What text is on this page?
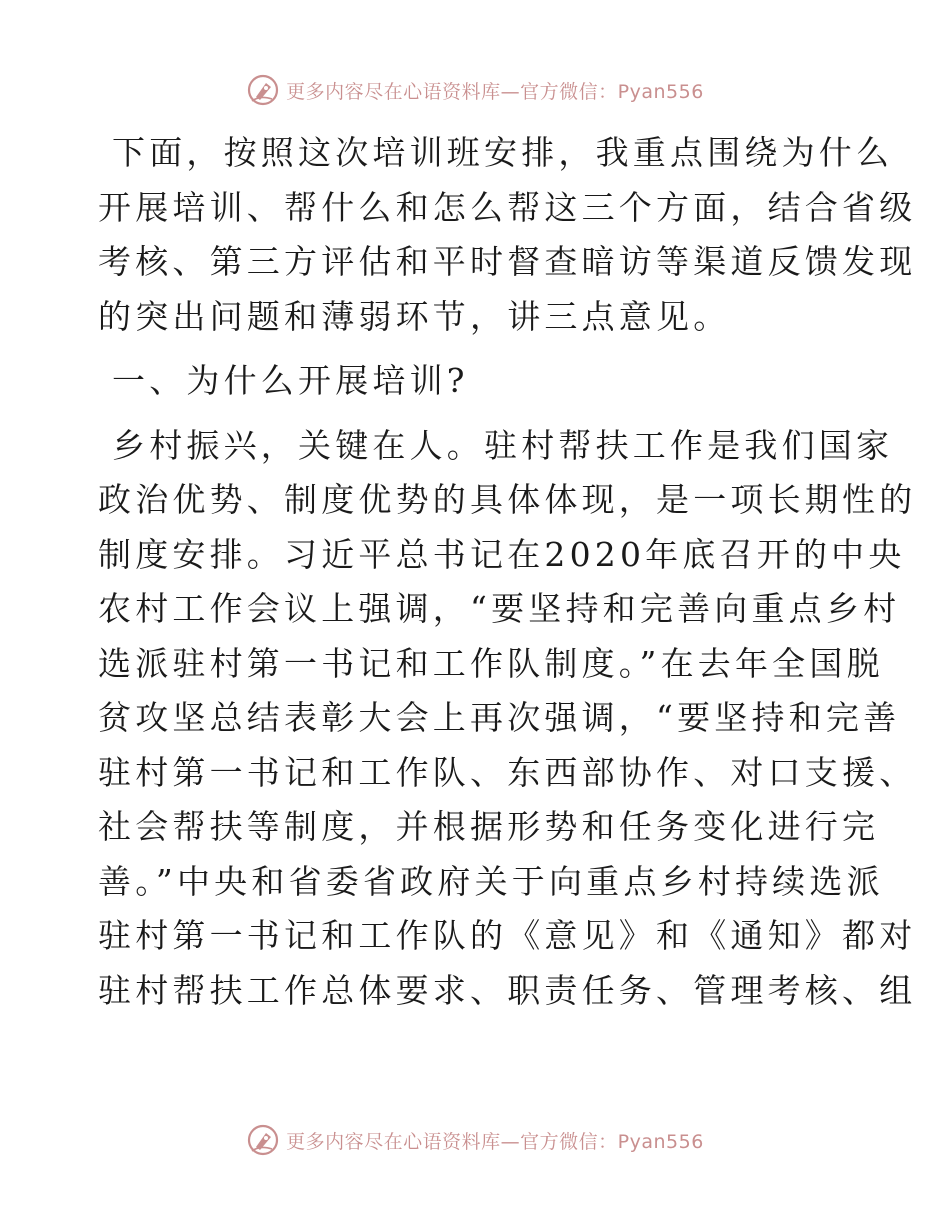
更多内容尽在心语资料库—官方微信：Pyan556
下面，按照这次培训班安排，我重点围绕为什么
开展培训、帮什么和怎么帮这三个方面，结合省级
考核、第三方评估和平时督查暗访等渠道反馈发现
的突出问题和薄弱环节，讲三点意见。
一、为什么开展培训?
乡村振兴，关键在人。驻村帮扶工作是我们国家
政治优势、制度优势的具体体现，是一项长期性的
制度安排。习近平总书记在2020年底召开的中央
农村工作会议上强调，“要坚持和完善向重点乡村
选派驻村第一书记和工作队制度。”在去年全国脱
贫攻坚总结表彰大会上再次强调，“要坚持和完善
驻村第一书记和工作队、东西部协作、对口支援、
社会帮扶等制度，并根据形势和任务变化进行完
善。”中央和省委省政府关于向重点乡村持续选派
驻村第一书记和工作队的《意见》和《通知》都对
驻村帮扶工作总体要求、职责任务、管理考核、组
更多内容尽在心语资料库—官方微信：Pyan556
